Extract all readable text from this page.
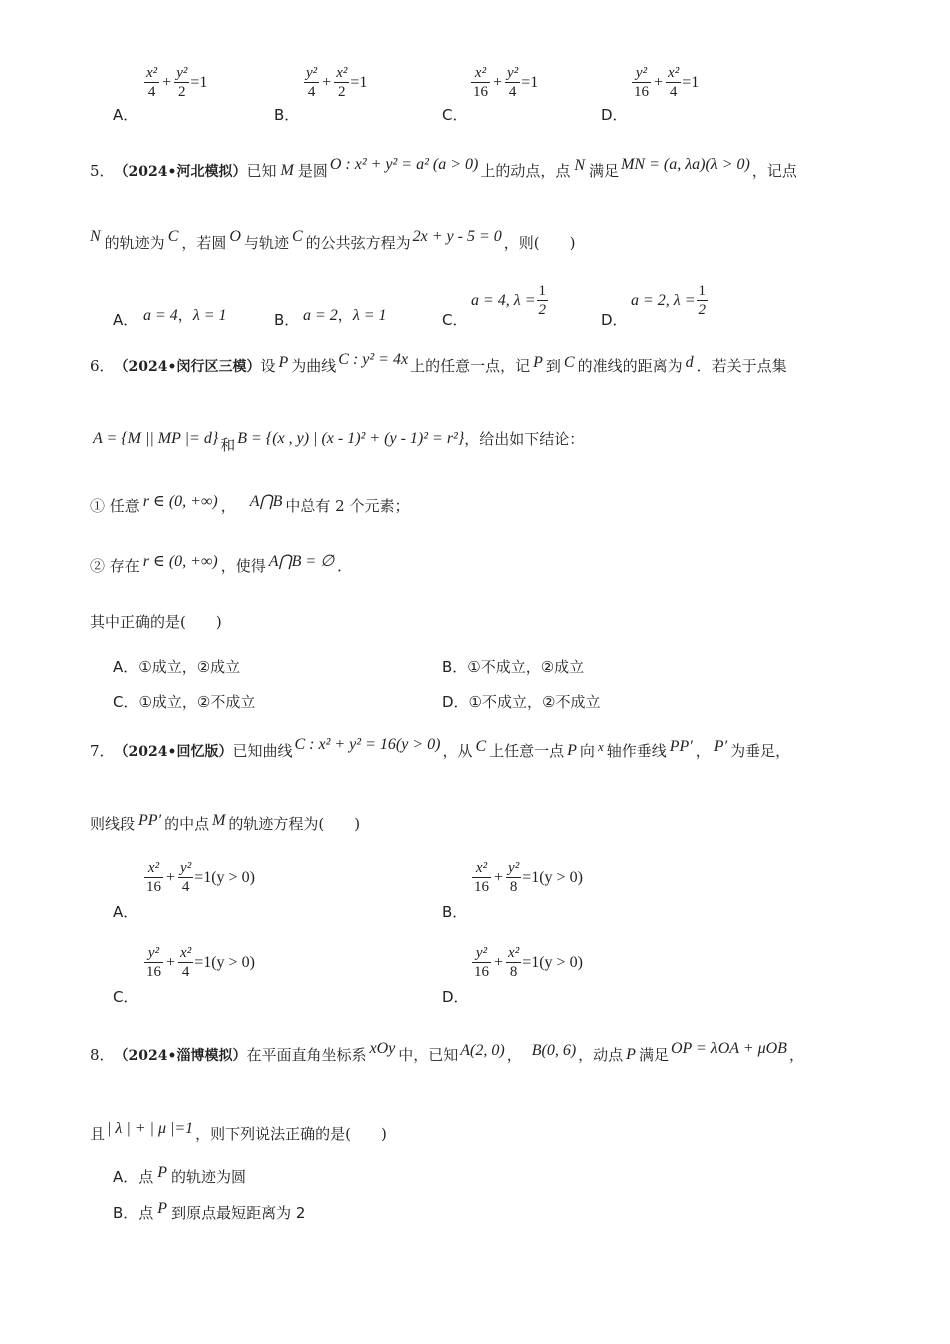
A．
$\frac{\text{x²}}{4} + \frac{\text{y²}}{2} =1$
B．
$\frac{\text{y²}}{4} + \frac{\text{x²}}{2} =1$
C．
$\frac{\text{x²}}{16} + \frac{\text{y²}}{4} =1$
D．
$\frac{\text{y²}}{16} + \frac{\text{x²}}{4} =1$
5． （2024•河北模拟） 已知 M 是圆 O : x² + y² = a² (a > 0) 上的动点，点 N 满足 MN = (a, λa)(λ > 0) ，记点
N 的轨迹为 C ，若圆 O 与轨迹 C 的公共弦方程为 2x + y - 5 = 0 ，则(　　)
A． a = 4，λ = 1	B． a = 2，λ = 1	C．
a = 4, $\lambda = \frac{1}{2}$
D．
a = 2, $\lambda = \frac{1}{2}$
6． （2024•闵行区三模） 设 P 为曲线 C : y² = 4x 上的任意一点，记 P 到 C 的准线的距离为 d ．若关于点集
A = {M || MP |= d} 和 B = {(x , y) | (x - 1)² + (y - 1)² = r²} ，给出如下结论：
① 任意 r ∈ (0, +∞) ， A⋂B 中总有 2 个元素；
② 存在 r ∈ (0, +∞) ，使得 A⋂B = ∅ ．
其中正确的是(　　)
A．①成立，②成立	B．①不成立，②成立
C．①成立，②不成立	D．①不成立，②不成立
7． （2024•回忆版） 已知曲线 C : x² + y² = 16(y > 0) ，从 C 上任意一点 P 向 x 轴作垂线 PP′ ， P′ 为垂足，
则线段 PP′ 的中点 M 的轨迹方程为(　　)
A．
$\frac{\text{x²}}{16} + \frac{\text{y²}}{4} =1(y > 0)$
B．
$\frac{\text{x²}}{16} + \frac{\text{y²}}{8} =1(y > 0)$
C．
$\frac{\text{y²}}{16} + \frac{\text{x²}}{4} =1(y > 0)$
D．
$\frac{\text{y²}}{16} + \frac{\text{x²}}{8} =1(y > 0)$
8． （2024•淄博模拟） 在平面直角坐标系 xOy 中，已知 A(2, 0) ， B(0, 6) ，动点 P 满足 OP = λOA + μOB ，
且 | λ | + | μ |=1 ，则下列说法正确的是(　　)
A．点 P 的轨迹为圆
B．点 P 到原点最短距离为 2
